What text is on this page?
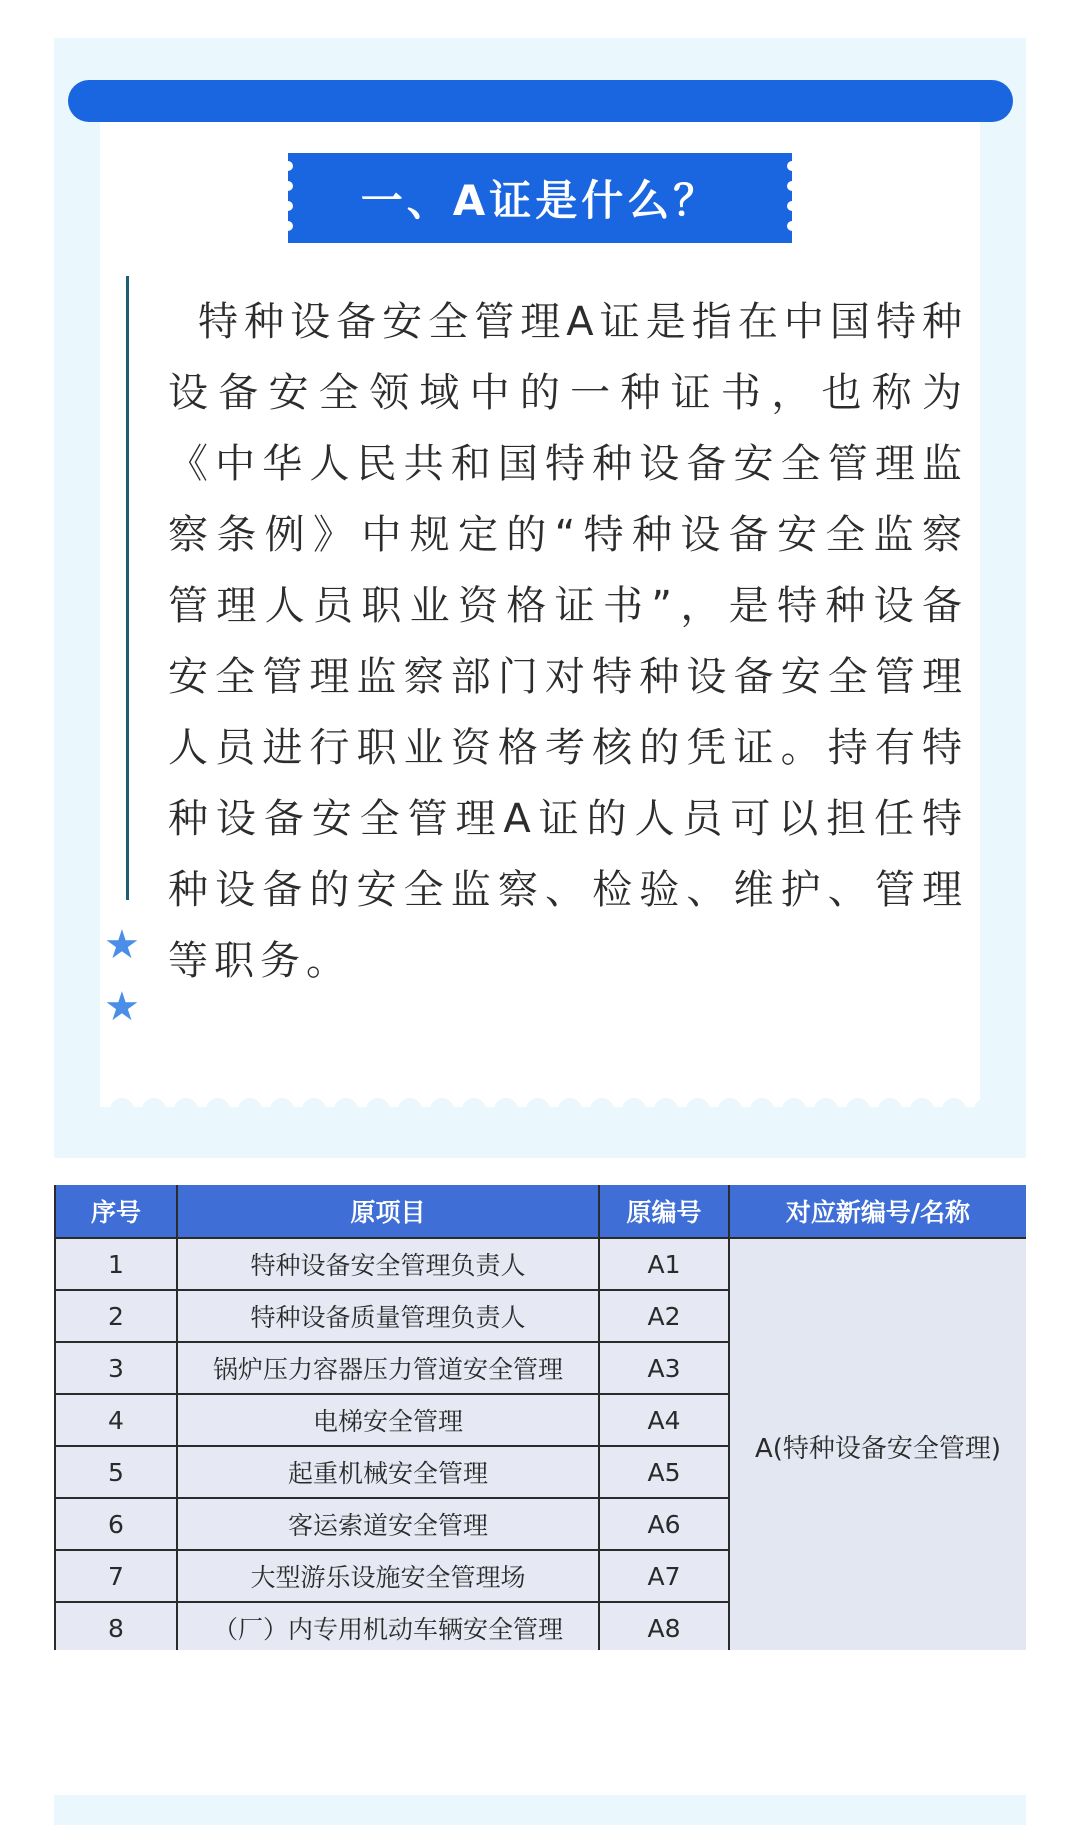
一、A证是什么？
特种设备安全管理A证是指在中国特种设备安全领域中的一种证书，也称为《中华人民共和国特种设备安全管理监察条例》中规定的“特种设备安全监察管理人员职业资格证书”，是特种设备安全管理监察部门对特种设备安全管理人员进行职业资格考核的凭证。持有特种设备安全管理A证的人员可以担任特种设备的安全监察、检验、维护、管理等职务。
★
★
序号	原项目	原编号	对应新编号/名称
1	特种设备安全管理负责人	A1	A(特种设备安全管理)
2	特种设备质量管理负责人	A2	
3	锅炉压力容器压力管道安全管理	A3	
4	电梯安全管理	A4	
5	起重机械安全管理	A5	
6	客运索道安全管理	A6	
7	大型游乐设施安全管理场	A7	
8	（厂）内专用机动车辆安全管理	A8	
